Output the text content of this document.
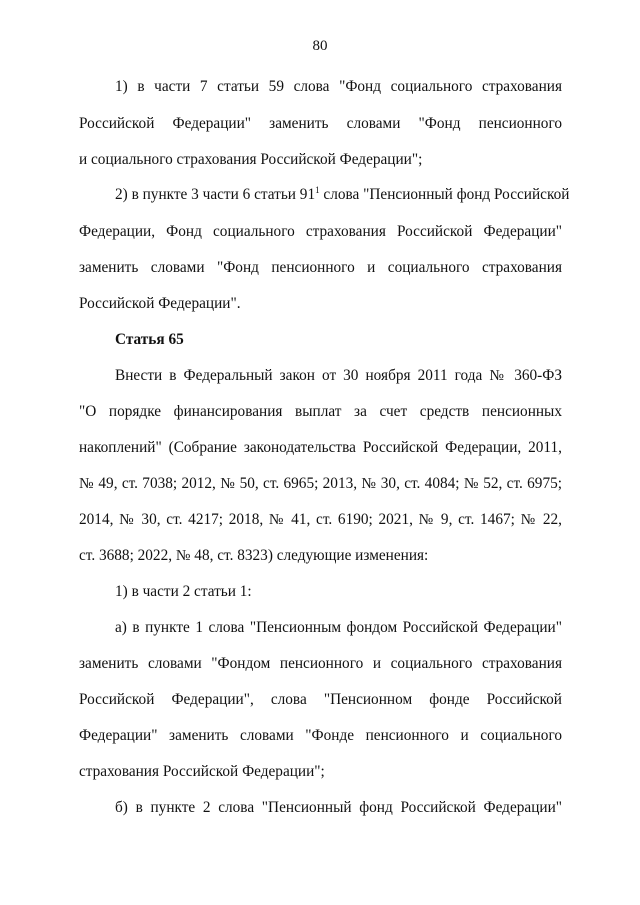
80
1) в части 7 статьи 59 слова "Фонд социального страхования
Российской Федерации" заменить словами "Фонд пенсионного
и социального страхования Российской Федерации";
2) в пункте 3 части 6 статьи $91^1$ слова "Пенсионный фонд Российской
Федерации, Фонд социального страхования Российской Федерации"
заменить словами "Фонд пенсионного и социального страхования
Российской Федерации".
Статья 65
Внести в Федеральный закон от 30 ноября 2011 года № 360-ФЗ
"О порядке финансирования выплат за счет средств пенсионных
накоплений" (Собрание законодательства Российской Федерации, 2011,
№ 49, ст. 7038; 2012, № 50, ст. 6965; 2013, № 30, ст. 4084; № 52, ст. 6975;
2014, № 30, ст. 4217; 2018, № 41, ст. 6190; 2021, № 9, ст. 1467; № 22,
ст. 3688; 2022, № 48, ст. 8323) следующие изменения:
1) в части 2 статьи 1:
а) в пункте 1 слова "Пенсионным фондом Российской Федерации"
заменить словами "Фондом пенсионного и социального страхования
Российской Федерации", слова "Пенсионном фонде Российской
Федерации" заменить словами "Фонде пенсионного и социального
страхования Российской Федерации";
б) в пункте 2 слова "Пенсионный фонд Российской Федерации"
